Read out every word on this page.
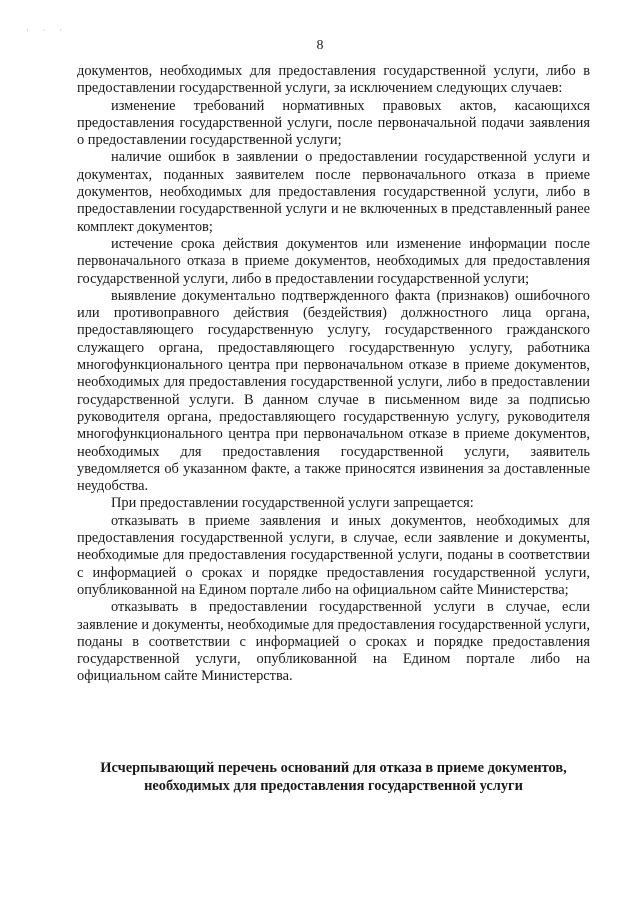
· · ·
8

документов, необходимых для предоставления государственной услуги, либо в предоставлении государственной услуги, за исключением следующих случаев:

изменение требований нормативных правовых актов, касающихся предоставления государственной услуги, после первоначальной подачи заявления о предоставлении государственной услуги;

наличие ошибок в заявлении о предоставлении государственной услуги и документах, поданных заявителем после первоначального отказа в приеме документов, необходимых для предоставления государственной услуги, либо в предоставлении государственной услуги и не включенных в представленный ранее комплект документов;

истечение срока действия документов или изменение информации после первоначального отказа в приеме документов, необходимых для предоставления государственной услуги, либо в предоставлении государственной услуги;

выявление документально подтвержденного факта (признаков) ошибочного или противоправного действия (бездействия) должностного лица органа, предоставляющего государственную услугу, государственного гражданского служащего органа, предоставляющего государственную услугу, работника многофункционального центра при первоначальном отказе в приеме документов, необходимых для предоставления государственной услуги, либо в предоставлении государственной услуги. В данном случае в письменном виде за подписью руководителя органа, предоставляющего государственную услугу, руководителя многофункционального центра при первоначальном отказе в приеме документов, необходимых для предоставления государственной услуги, заявитель уведомляется об указанном факте, а также приносятся извинения за доставленные неудобства.

При предоставлении государственной услуги запрещается:

отказывать в приеме заявления и иных документов, необходимых для предоставления государственной услуги, в случае, если заявление и документы, необходимые для предоставления государственной услуги, поданы в соответствии с информацией о сроках и порядке предоставления государственной услуги, опубликованной на Едином портале либо на официальном сайте Министерства;

отказывать в предоставлении государственной услуги в случае, если заявление и документы, необходимые для предоставления государственной услуги, поданы в соответствии с информацией о сроках и порядке предоставления государственной услуги, опубликованной на Едином портале либо на официальном сайте Министерства.

Исчерпывающий перечень оснований для отказа в приеме документов,
необходимых для предоставления государственной услуги
